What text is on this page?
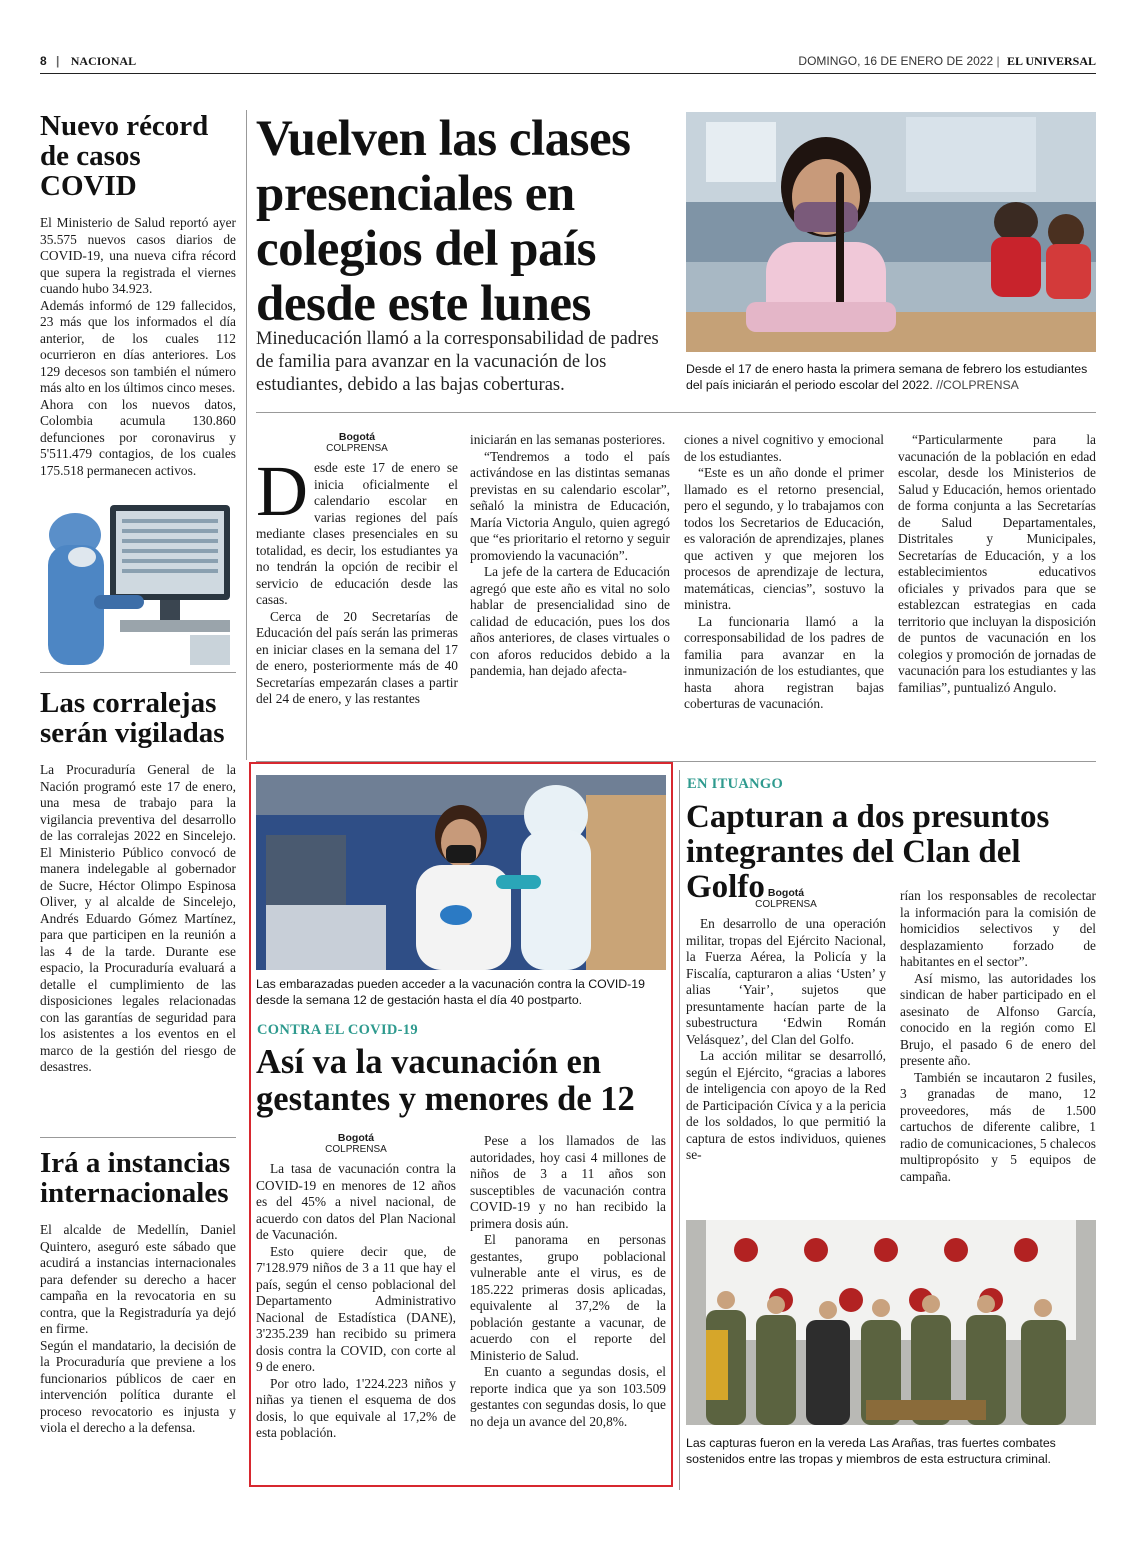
8 | NACIONAL	DOMINGO, 16 DE ENERO DE 2022 | EL UNIVERSAL
Nuevo récord de casos COVID

El Ministerio de Salud reportó ayer 35.575 nuevos casos diarios de COVID-19, una nueva cifra récord que supera la registrada el viernes cuando hubo 34.923.

Además informó de 129 fallecidos, 23 más que los informados el día anterior, de los cuales 112 ocurrieron en días anteriores. Los 129 decesos son también el número más alto en los últimos cinco meses.

Ahora con los nuevos datos, Colombia acumula 130.860 defunciones por coronavirus y 5'511.479 contagios, de los cuales 175.518 permanecen activos.

Las corralejas serán vigiladas

La Procuraduría General de la Nación programó este 17 de enero, una mesa de trabajo para la vigilancia preventiva del desarrollo de las corralejas 2022 en Sincelejo. El Ministerio Público convocó de manera indelegable al gobernador de Sucre, Héctor Olimpo Espinosa Oliver, y al alcalde de Sincelejo, Andrés Eduardo Gómez Martínez, para que participen en la reunión a las 4 de la tarde. Durante ese espacio, la Procuraduría evaluará a detalle el cumplimiento de las disposiciones legales relacionadas con las garantías de seguridad para los asistentes a los eventos en el marco de la gestión del riesgo de desastres.

Irá a instancias internacionales

El alcalde de Medellín, Daniel Quintero, aseguró este sábado que acudirá a instancias internacionales para defender su derecho a hacer campaña en la revocatoria en su contra, que la Registraduría ya dejó en firme.

Según el mandatario, la decisión de la Procuraduría que previene a los funcionarios públicos de caer en intervención política durante el proceso revocatorio es injusta y viola el derecho a la defensa.

Vuelven las clases presenciales en colegios del país desde este lunes

Mineducación llamó a la corresponsabilidad de padres de familia para avanzar en la vacunación de los estudiantes, debido a las bajas coberturas.

Desde el 17 de enero hasta la primera semana de febrero los estudiantes del país iniciarán el periodo escolar del 2022. //COLPRENSA

Bogotá
COLPRENSA

Desde este 17 de enero se inicia oficialmente el calendario escolar en varias regiones del país mediante clases presenciales en su totalidad, es decir, los estudiantes ya no tendrán la opción de recibir el servicio de educación desde las casas.

Cerca de 20 Secretarías de Educación del país serán las primeras en iniciar clases en la semana del 17 de enero, posteriormente más de 40 Secretarías empezarán clases a partir del 24 de enero, y las restantes

iniciarán en las semanas posteriores.

“Tendremos a todo el país activándose en las distintas semanas previstas en su calendario escolar”, señaló la ministra de Educación, María Victoria Angulo, quien agregó que “es prioritario el retorno y seguir promoviendo la vacunación”.

La jefe de la cartera de Educación agregó que este año es vital no solo hablar de presencialidad sino de calidad de educación, pues los dos años anteriores, de clases virtuales o con aforos reducidos debido a la pandemia, han dejado afecta-

ciones a nivel cognitivo y emocional de los estudiantes.

“Este es un año donde el primer llamado es el retorno presencial, pero el segundo, y lo trabajamos con todos los Secretarios de Educación, es valoración de aprendizajes, planes que activen y que mejoren los procesos de aprendizaje de lectura, matemáticas, ciencias”, sostuvo la ministra.

La funcionaria llamó a la corresponsabilidad de los padres de familia para avanzar en la inmunización de los estudiantes, que hasta ahora registran bajas coberturas de vacunación.

“Particularmente para la vacunación de la población en edad escolar, desde los Ministerios de Salud y Educación, hemos orientado de forma conjunta a las Secretarías de Salud Departamentales, Distritales y Municipales, Secretarías de Educación, y a los establecimientos educativos oficiales y privados para que se establezcan estrategias en cada territorio que incluyan la disposición de puntos de vacunación en los colegios y promoción de jornadas de vacunación para los estudiantes y las familias”, puntualizó Angulo.

Las embarazadas pueden acceder a la vacunación contra la COVID-19 desde la semana 12 de gestación hasta el día 40 postparto.

CONTRA EL COVID-19
Así va la vacunación en gestantes y menores de 12
Bogotá
COLPRENSA

La tasa de vacunación contra la COVID-19 en menores de 12 años es del 45% a nivel nacional, de acuerdo con datos del Plan Nacional de Vacunación.

Esto quiere decir que, de 7'128.979 niños de 3 a 11 que hay el país, según el censo poblacional del Departamento Administrativo Nacional de Estadística (DANE), 3'235.239 han recibido su primera dosis contra la COVID, con corte al 9 de enero.

Por otro lado, 1'224.223 niños y niñas ya tienen el esquema de dos dosis, lo que equivale al 17,2% de esta población.

Pese a los llamados de las autoridades, hoy casi 4 millones de niños de 3 a 11 años son susceptibles de vacunación contra COVID-19 y no han recibido la primera dosis aún.

El panorama en personas gestantes, grupo poblacional vulnerable ante el virus, es de 185.222 primeras dosis aplicadas, equivalente al 37,2% de la población gestante a vacunar, de acuerdo con el reporte del Ministerio de Salud.

En cuanto a segundas dosis, el reporte indica que ya son 103.509 gestantes con segundas dosis, lo que no deja un avance del 20,8%.

EN ITUANGO
Capturan a dos presuntos integrantes del Clan del Golfo Bogotá
COLPRENSA

En desarrollo de una operación militar, tropas del Ejército Nacional, la Fuerza Aérea, la Policía y la Fiscalía, capturaron a alias ‘Usten’ y alias ‘Yair’, sujetos que presuntamente hacían parte de la subestructura ‘Edwin Román Velásquez’, del Clan del Golfo.

La acción militar se desarrolló, según el Ejército, “gracias a labores de inteligencia con apoyo de la Red de Participación Cívica y a la pericia de los soldados, lo que permitió la captura de estos individuos, quienes se-

rían los responsables de recolectar la información para la comisión de homicidios selectivos y del desplazamiento forzado de habitantes en el sector”.

Así mismo, las autoridades los sindican de haber participado en el asesinato de Alfonso García, conocido en la región como El Brujo, el pasado 6 de enero del presente año.

También se incautaron 2 fusiles, 3 granadas de mano, 12 proveedores, más de 1.500 cartuchos de diferente calibre, 1 radio de comunicaciones, 5 chalecos multipropósito y 5 equipos de campaña.

Las capturas fueron en la vereda Las Arañas, tras fuertes combates sostenidos entre las tropas y miembros de esta estructura criminal.
